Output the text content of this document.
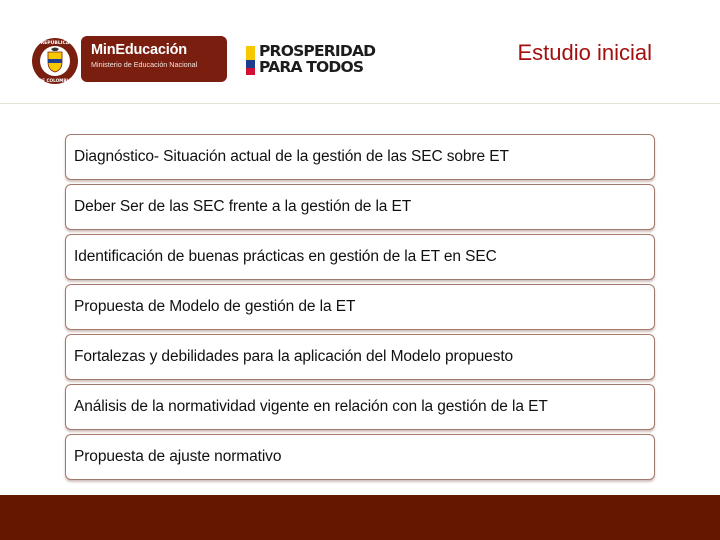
REPÚBLICA
DE COLOMBIA
MinEducación
Ministerio de Educación Nacional
PROSPERIDAD
PARA TODOS
Estudio inicial
Diagnóstico- Situación actual de la gestión de las SEC sobre ET
Deber Ser de las SEC frente a la gestión de la ET
Identificación de buenas prácticas en gestión de la ET en SEC
Propuesta de Modelo de gestión de la ET
Fortalezas y debilidades para la aplicación del Modelo propuesto
Análisis de la normatividad vigente en relación con la gestión de la ET
Propuesta de ajuste normativo
